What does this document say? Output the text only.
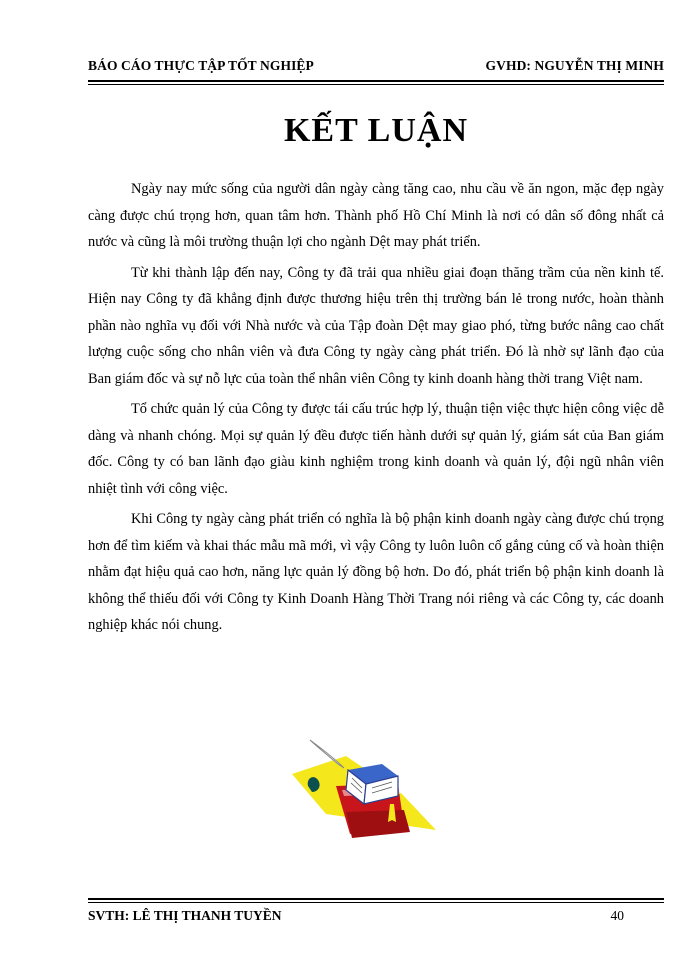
BÁO CÁO THỰC TẬP TỐT NGHIỆP	GVHD: NGUYỄN THỊ MINH
KẾT LUẬN

Ngày nay mức sống của người dân ngày càng tăng cao, nhu cầu về ăn ngon, mặc đẹp ngày càng được chú trọng hơn, quan tâm hơn. Thành phố Hồ Chí Minh là nơi có dân số đông nhất cả nước và cũng là môi trường thuận lợi cho ngành Dệt may phát triển.

Từ khi thành lập đến nay, Công ty đã trải qua nhiều giai đoạn thăng trầm của nền kinh tế. Hiện nay Công ty đã khẳng định được thương hiệu trên thị trường bán lẻ trong nước, hoàn thành phần nào nghĩa vụ đối với Nhà nước và của Tập đoàn Dệt may giao phó, từng bước nâng cao chất lượng cuộc sống cho nhân viên và đưa Công ty ngày càng phát triển. Đó là nhờ sự lãnh đạo của Ban giám đốc và sự nỗ lực của toàn thể nhân viên Công ty kinh doanh hàng thời trang Việt nam.

Tổ chức quản lý của Công ty được tái cấu trúc hợp lý, thuận tiện việc thực hiện công việc dễ dàng và nhanh chóng. Mọi sự quản lý đều được tiến hành dưới sự quản lý, giám sát của Ban giám đốc. Công ty có ban lãnh đạo giàu kinh nghiệm trong kinh doanh và quản lý, đội ngũ nhân viên nhiệt tình với công việc.

Khi Công ty ngày càng phát triển có nghĩa là bộ phận kinh doanh ngày càng được chú trọng hơn để tìm kiếm và khai thác mẫu mã mới, vì vậy Công ty luôn luôn cố gắng củng cố và hoàn thiện nhằm đạt hiệu quả cao hơn, năng lực quản lý đồng bộ hơn. Do đó, phát triển bộ phận kinh doanh là không thể thiếu đối với Công ty Kinh Doanh Hàng Thời Trang nói riêng và các Công ty, các doanh nghiệp khác nói chung.

SVTH: LÊ THỊ THANH TUYỀN	40
